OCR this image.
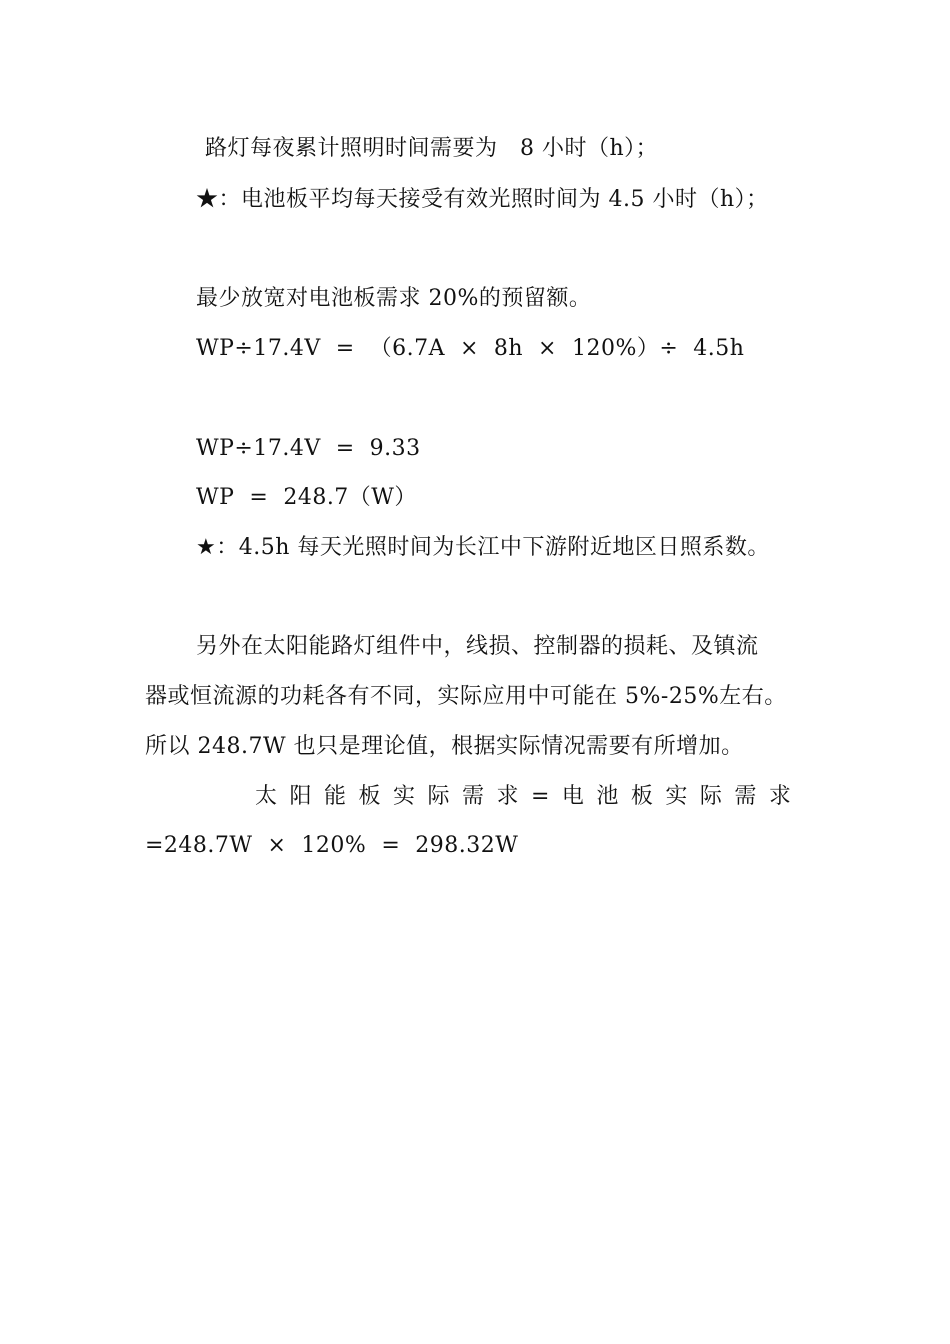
路灯每夜累计照明时间需要为   8 小时（h）；
★：电池板平均每天接受有效光照时间为 4.5 小时（h）；
最少放宽对电池板需求 20%的预留额。
WP÷17.4V  =  （6.7A  ×  8h  ×  120%）÷  4.5h
WP÷17.4V  =  9.33
WP  =  248.7（W）
★：4.5h 每天光照时间为长江中下游附近地区日照系数。
另外在太阳能路灯组件中，线损、控制器的损耗、及镇流
器或恒流源的功耗各有不同，实际应用中可能在 5%-25%左右。
所以 248.7W 也只是理论值，根据实际情况需要有所增加。
太阳能板实际需求=电池板实际需求
=248.7W  ×  120%  =  298.32W
